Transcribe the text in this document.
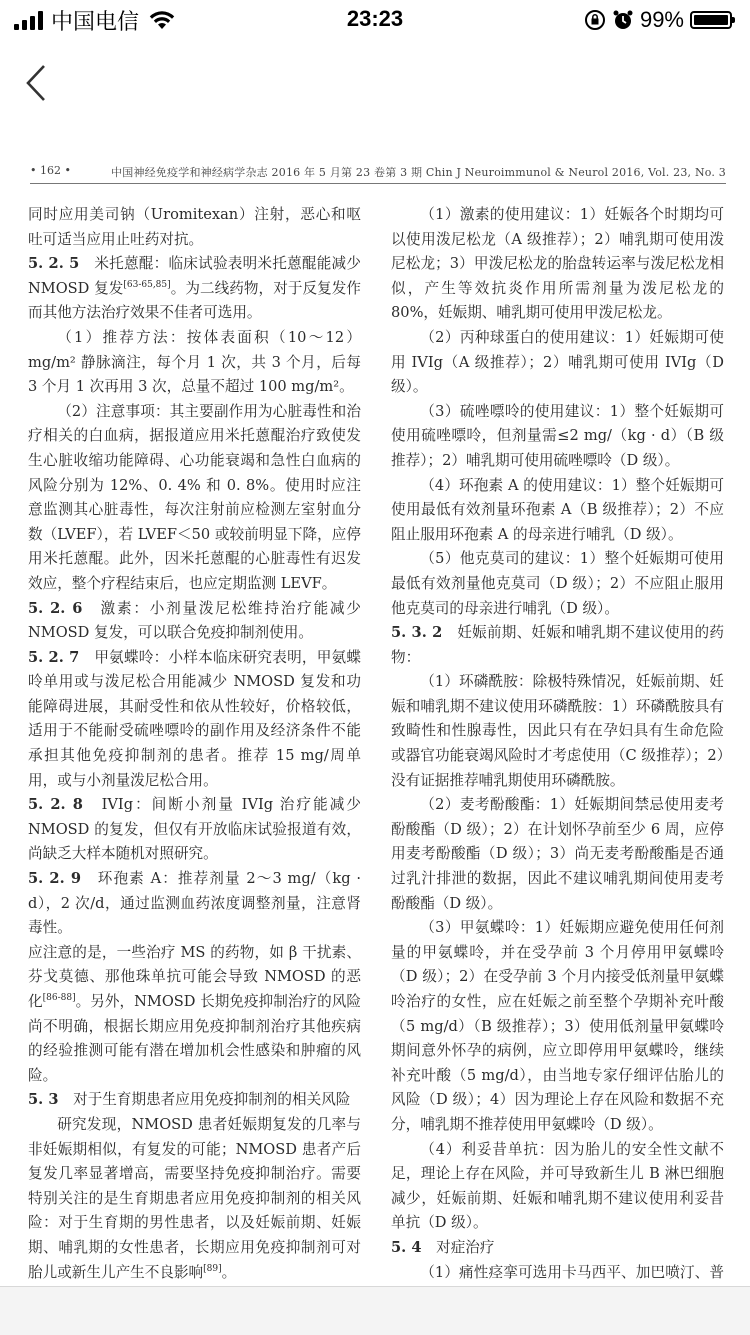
中国电信	23:23	99%
• 162 •	中国神经免疫学和神经病学杂志 2016 年 5 月第 23 卷第 3 期 Chin J Neuroimmunol & Neurol 2016, Vol. 23, No. 3

同时应用美司钠（Uromitexan）注射，恶心和呕吐可适当应用止吐药对抗。

5. 2. 5　 米托蒽醌：临床试验表明米托蒽醌能减少 NMOSD 复发[63-65,85]。为二线药物，对于反复发作而其他方法治疗效果不佳者可选用。

（1）推荐方法：按体表面积（10～12）mg/m² 静脉滴注，每个月 1 次，共 3 个月，后每 3 个月 1 次再用 3 次，总量不超过 100 mg/m²。

（2）注意事项：其主要副作用为心脏毒性和治疗相关的白血病，据报道应用米托蒽醌治疗致使发生心脏收缩功能障碍、心功能衰竭和急性白血病的风险分别为 12%、0. 4% 和 0. 8%。使用时应注意监测其心脏毒性，每次注射前应检测左室射血分数（LVEF），若 LVEF＜50 或较前明显下降，应停用米托蒽醌。此外，因米托蒽醌的心脏毒性有迟发效应，整个疗程结束后，也应定期监测 LEVF。

5. 2. 6　 激素：小剂量泼尼松维持治疗能减少 NMOSD 复发，可以联合免疫抑制剂使用。

5. 2. 7　 甲氨蝶呤：小样本临床研究表明，甲氨蝶呤单用或与泼尼松合用能减少 NMOSD 复发和功能障碍进展，其耐受性和依从性较好，价格较低，适用于不能耐受硫唑嘌呤的副作用及经济条件不能承担其他免疫抑制剂的患者。推荐 15 mg/周单用，或与小剂量泼尼松合用。

5. 2. 8　 IVIg：间断小剂量 IVIg 治疗能减少 NMOSD 的复发，但仅有开放临床试验报道有效，尚缺乏大样本随机对照研究。

5. 2. 9　 环孢素 A：推荐剂量 2～3 mg/（kg · d），2 次/d，通过监测血药浓度调整剂量，注意肾毒性。

应注意的是，一些治疗 MS 的药物，如 β 干扰素、芬戈莫德、那他珠单抗可能会导致 NMOSD 的恶化[86-88]。另外，NMOSD 长期免疫抑制治疗的风险尚不明确，根据长期应用免疫抑制剂治疗其他疾病的经验推测可能有潜在增加机会性感染和肿瘤的风险。

5. 3　 对于生育期患者应用免疫抑制剂的相关风险

研究发现，NMOSD 患者妊娠期复发的几率与非妊娠期相似，有复发的可能；NMOSD 患者产后复发几率显著增高，需要坚持免疫抑制治疗。需要特别关注的是生育期患者应用免疫抑制剂的相关风险：对于生育期的男性患者，以及妊娠前期、妊娠期、哺乳期的女性患者，长期应用免疫抑制剂可对胎儿或新生儿产生不良影响[89]。

（1）激素的使用建议：1）妊娠各个时期均可以使用泼尼松龙（A 级推荐）；2）哺乳期可使用泼尼松龙；3）甲泼尼松龙的胎盘转运率与泼尼松龙相似，产生等效抗炎作用所需剂量为泼尼松龙的 80%，妊娠期、哺乳期可使用甲泼尼松龙。

（2）丙种球蛋白的使用建议：1）妊娠期可使用 IVIg（A 级推荐）；2）哺乳期可使用 IVIg（D 级）。

（3）硫唑嘌呤的使用建议：1）整个妊娠期可使用硫唑嘌呤，但剂量需≤2 mg/（kg · d）（B 级推荐）；2）哺乳期可使用硫唑嘌呤（D 级）。

（4）环孢素 A 的使用建议：1）整个妊娠期可使用最低有效剂量环孢素 A（B 级推荐）；2）不应阻止服用环孢素 A 的母亲进行哺乳（D 级）。

（5）他克莫司的建议：1）整个妊娠期可使用最低有效剂量他克莫司（D 级）；2）不应阻止服用他克莫司的母亲进行哺乳（D 级）。

5. 3. 2　 妊娠前期、妊娠和哺乳期不建议使用的药物：

（1）环磷酰胺：除极特殊情况，妊娠前期、妊娠和哺乳期不建议使用环磷酰胺：1）环磷酰胺具有致畸性和性腺毒性，因此只有在孕妇具有生命危险或器官功能衰竭风险时才考虑使用（C 级推荐）；2）没有证据推荐哺乳期使用环磷酰胺。

（2）麦考酚酸酯：1）妊娠期间禁忌使用麦考酚酸酯（D 级）；2）在计划怀孕前至少 6 周，应停用麦考酚酸酯（D 级）；3）尚无麦考酚酸酯是否通过乳汁排泄的数据，因此不建议哺乳期间使用麦考酚酸酯（D 级）。

（3）甲氨蝶呤：1）妊娠期应避免使用任何剂量的甲氨蝶呤，并在受孕前 3 个月停用甲氨蝶呤（D 级）；2）在受孕前 3 个月内接受低剂量甲氨蝶呤治疗的女性，应在妊娠之前至整个孕期补充叶酸（5 mg/d）（B 级推荐）；3）使用低剂量甲氨蝶呤期间意外怀孕的病例，应立即停用甲氨蝶呤，继续补充叶酸（5 mg/d），由当地专家仔细评估胎儿的风险（D 级）；4）因为理论上存在风险和数据不充分，哺乳期不推荐使用甲氨蝶呤（D 级）。

（4）利妥昔单抗：因为胎儿的安全性文献不足，理论上存在风险，并可导致新生儿 B 淋巴细胞减少，妊娠前期、妊娠和哺乳期不建议使用利妥昔单抗（D 级）。

5. 4　 对症治疗

（1）痛性痉挛可选用卡马西平、加巴喷汀、普
